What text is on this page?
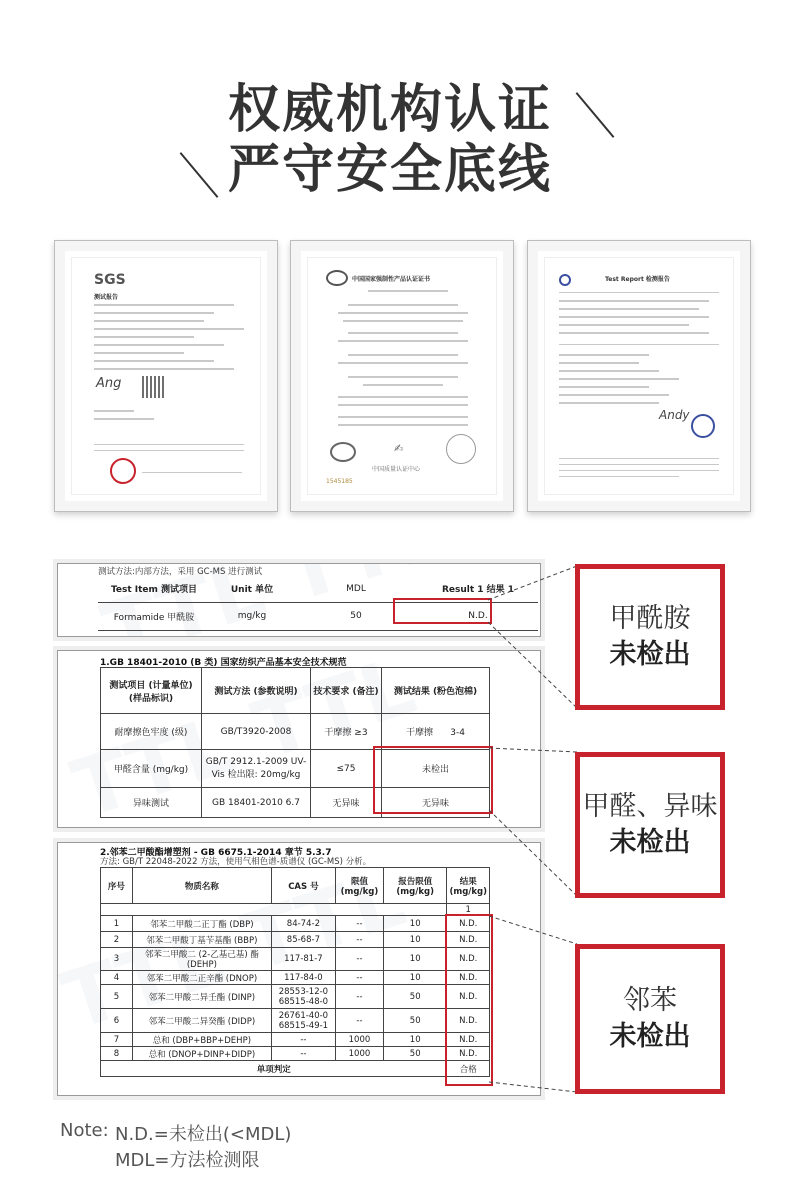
权威机构认证
严守安全底线
SGS
测试报告
Ang
中国国家强制性产品认证证书
✍
中国质量认证中心
1545185
Test Report 检测报告
Andy
测试方法:内部方法，采用 GC-MS 进行测试
Test Item 测试项目	Unit 单位	MDL	Result 1 结果 1
Formamide 甲酰胺	mg/kg	50	N.D.
1.GB 18401-2010 (B 类) 国家纺织产品基本安全技术规范
测试项目 (计量单位) (样品标识)	测试方法 (参数说明)	技术要求 (备注)	测试结果 (粉色泡棉)
耐摩擦色牢度 (级)	GB/T3920-2008	干摩擦 ≥3	干摩擦 3-4
甲醛含量 (mg/kg)	GB/T 2912.1-2009 UV-Vis 检出限: 20mg/kg	≤75	未检出
异味测试	GB 18401-2010 6.7	无异味	无异味
2.邻苯二甲酸酯增塑剂 - GB 6675.1-2014 章节 5.3.7
方法: GB/T 22048-2022 方法，使用气相色谱-质谱仪 (GC-MS) 分析。
序号	物质名称	CAS 号	限值 (mg/kg)	报告限值 (mg/kg)	结果 (mg/kg)
					1
1	邻苯二甲酸二正丁酯 (DBP)	84-74-2	--	10	N.D.
2	邻苯二甲酸丁基苄基酯 (BBP)	85-68-7	--	10	N.D.
3	邻苯二甲酸二 (2-乙基己基) 酯 (DEHP)	117-81-7	--	10	N.D.
4	邻苯二甲酸二正辛酯 (DNOP)	117-84-0	--	10	N.D.
5	邻苯二甲酸二异壬酯 (DINP)	28553-12-0 68515-48-0	--	50	N.D.
6	邻苯二甲酸二异癸酯 (DIDP)	26761-40-0 68515-49-1	--	50	N.D.
7	总和 (DBP+BBP+DEHP)	--	1000	10	N.D.
8	总和 (DNOP+DINP+DIDP)	--	1000	50	N.D.
单项判定					合格
甲酰胺
未检出
甲醛、异味
未检出
邻苯
未检出
Note: N.D.=未检出(<MDL)
MDL=方法检测限
